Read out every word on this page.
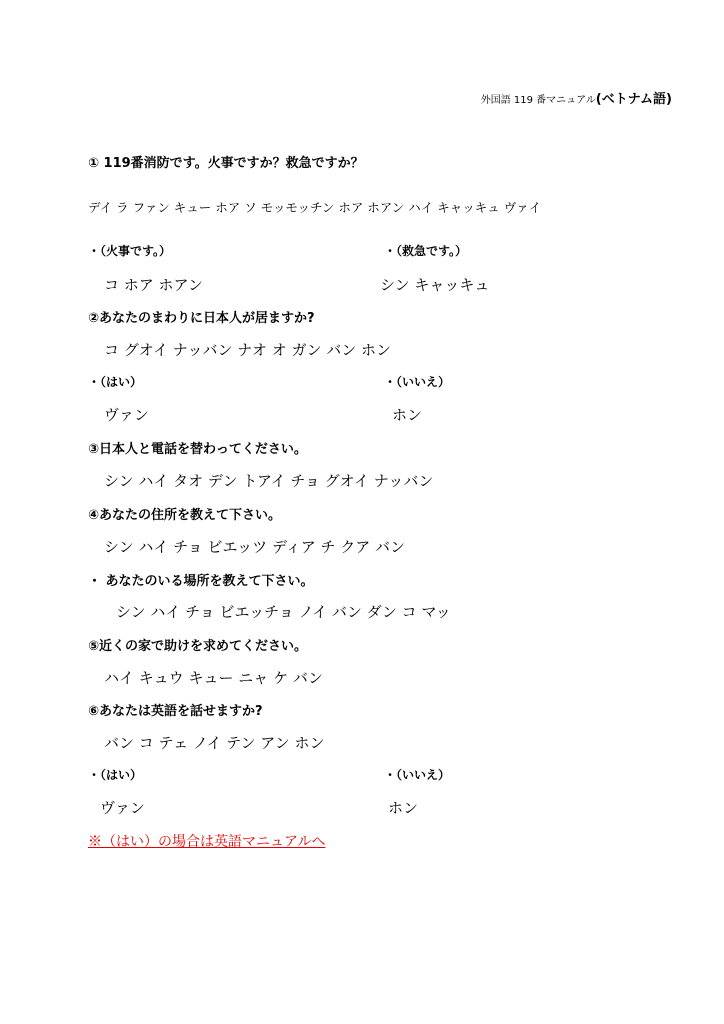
外国語 119 番マニュアル(ベトナム語)
① 119番消防です。火事ですか？救急ですか？
デイ ラ ファン キュー ホア ソ モッモッチン ホア ホアン ハイ キャッキュ ヴァイ
・（火事です。）	・（救急です。）
コ ホア ホアン	シン キャッキュ
②あなたのまわりに日本人が居ますか?
コ グオイ ナッバン ナオ オ ガン バン ホン
・（はい）	・（いいえ）
ヴァン	ホン
③日本人と電話を替わってください。
シン ハイ タオ デン トアイ チョ グオイ ナッバン
④あなたの住所を教えて下さい。
シン ハイ チョ ビエッツ ディア チ クア バン
・ あなたのいる場所を教えて下さい。
シン ハイ チョ ビエッチョ ノイ バン ダン コ マッ
⑤近くの家で助けを求めてください。
ハイ キュウ キュー ニャ ケ バン
⑥あなたは英語を話せますか?
バン コ テェ ノイ テン アン ホン
・（はい）	・（いいえ）
ヴァン	ホン
※（はい）の場合は英語マニュアルへ
